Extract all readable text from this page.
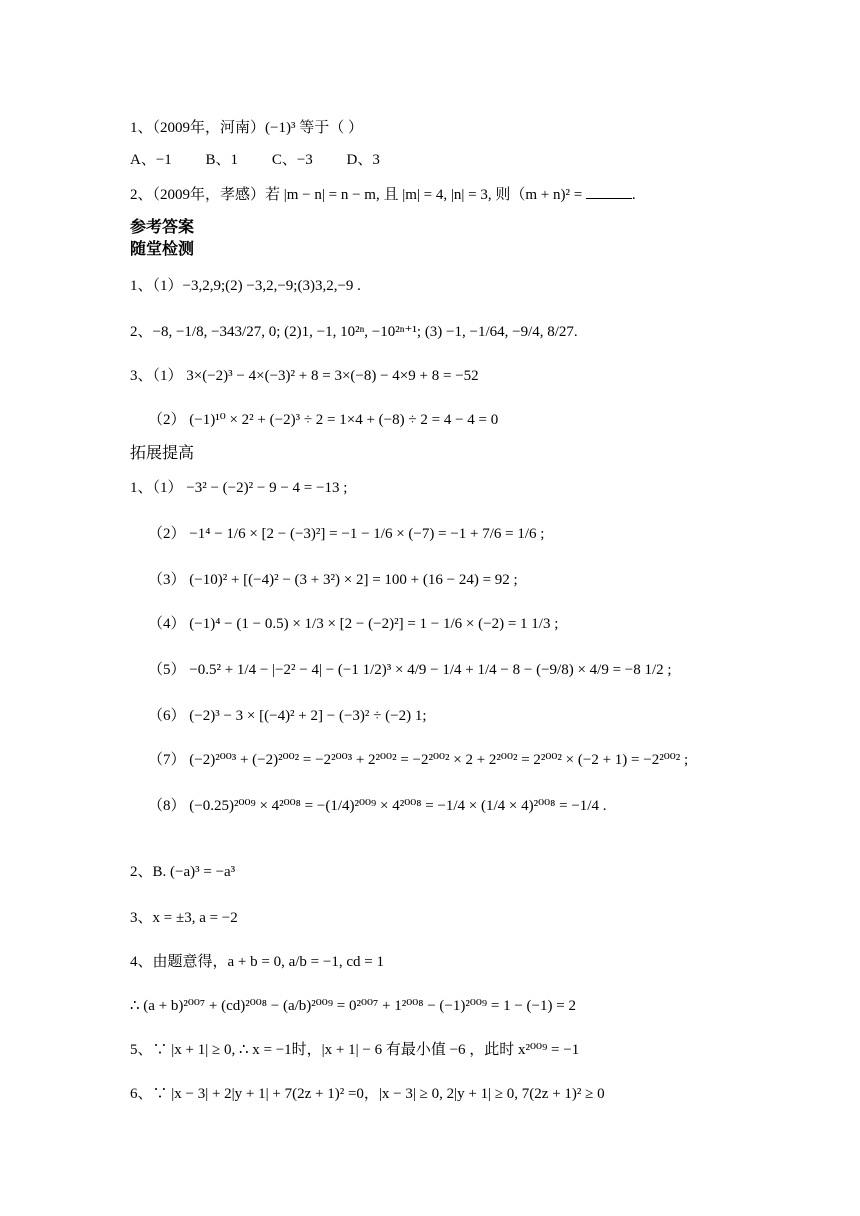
1、（2009年，河南）(−1)³ 等于（ ）
A、−1 B、1 C、−3 D、3
2、（2009年，孝感）若 |m − n| = n − m, 且 |m| = 4, |n| = 3, 则（m + n)² =	.
参考答案
随堂检测
1、（1）−3,2,9;(2) −3,2,−9;(3)3,2,−9 .
2、−8, −1/8, −343/27, 0; (2)1, −1, 10²ⁿ, −10²ⁿ⁺¹; (3) −1, −1/64, −9/4, 8/27.
3、（1） 3×(−2)³ − 4×(−3)² + 8 = 3×(−8) − 4×9 + 8 = −52
（2） (−1)¹⁰ × 2² + (−2)³ ÷ 2 = 1×4 + (−8) ÷ 2 = 4 − 4 = 0
拓展提高
1、（1） −3² − (−2)² − 9 − 4 = −13 ;
（2） −1⁴ − 1/6 × [2 − (−3)²] = −1 − 1/6 × (−7) = −1 + 7/6 = 1/6 ;
（3） (−10)² + [(−4)² − (3 + 3²) × 2] = 100 + (16 − 24) = 92 ;
（4） (−1)⁴ − (1 − 0.5) × 1/3 × [2 − (−2)²] = 1 − 1/6 × (−2) = 1 1/3 ;
（5） −0.5² + 1/4 − |−2² − 4| − (−1 1/2)³ × 4/9 − 1/4 + 1/4 − 8 − (−9/8) × 4/9 = −8 1/2 ;
（6） (−2)³ − 3 × [(−4)² + 2] − (−3)² ÷ (−2) 1;
（7） (−2)²⁰⁰³ + (−2)²⁰⁰² = −2²⁰⁰³ + 2²⁰⁰² = −2²⁰⁰² × 2 + 2²⁰⁰² = 2²⁰⁰² × (−2 + 1) = −2²⁰⁰² ;
（8） (−0.25)²⁰⁰⁹ × 4²⁰⁰⁸ = −(1/4)²⁰⁰⁹ × 4²⁰⁰⁸ = −1/4 × (1/4 × 4)²⁰⁰⁸ = −1/4 .
2、B. (−a)³ = −a³
3、x = ±3, a = −2
4、由题意得，a + b = 0, a/b = −1, cd = 1
∴ (a + b)²⁰⁰⁷ + (cd)²⁰⁰⁸ − (a/b)²⁰⁰⁹ = 0²⁰⁰⁷ + 1²⁰⁰⁸ − (−1)²⁰⁰⁹ = 1 − (−1) = 2
5、∵ |x + 1| ≥ 0, ∴ x = −1时，|x + 1| − 6 有最小值 −6 ，此时 x²⁰⁰⁹ = −1
6、∵ |x − 3| + 2|y + 1| + 7(2z + 1)² =0，|x − 3| ≥ 0, 2|y + 1| ≥ 0, 7(2z + 1)² ≥ 0
